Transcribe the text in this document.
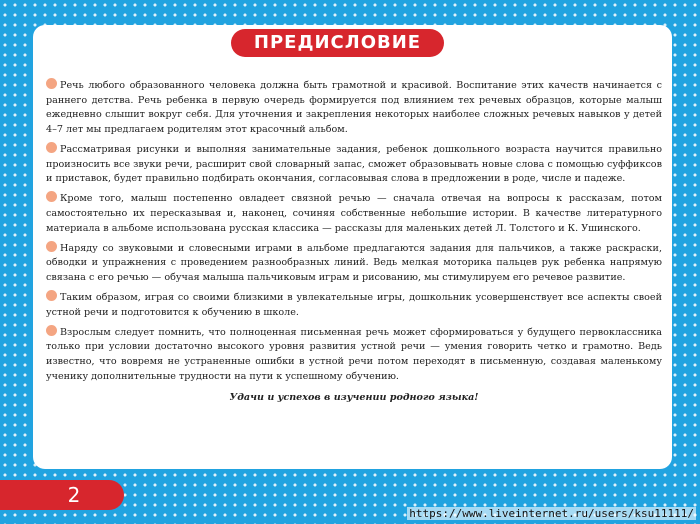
ПРЕДИСЛОВИЕ

Речь любого образованного человека должна быть грамотной и красивой. Воспитание этих качеств начинается с раннего детства. Речь ребенка в первую очередь формируется под влиянием тех речевых образцов, которые малыш ежедневно слышит вокруг себя. Для уточнения и закрепления некоторых наиболее сложных речевых навыков у детей 4–7 лет мы предлагаем родителям этот красочный альбом.

Рассматривая рисунки и выполняя занимательные задания, ребенок дошкольного возраста научится правильно произносить все звуки речи, расширит свой словарный запас, сможет образовывать новые слова с помощью суффиксов и приставок, будет правильно подбирать окончания, согласовывая слова в предложении в роде, числе и падеже.

Кроме того, малыш постепенно овладеет связной речью — сначала отвечая на вопросы к рассказам, потом самостоятельно их пересказывая и, наконец, сочиняя собственные небольшие истории. В качестве литературного материала в альбоме использована русская классика — рассказы для маленьких детей Л. Толстого и К. Ушинского.

Наряду со звуковыми и словесными играми в альбоме предлагаются задания для пальчиков, а также раскраски, обводки и упражнения с проведением разнообразных линий. Ведь мелкая моторика пальцев рук ребенка напрямую связана с его речью — обучая малыша пальчиковым играм и рисованию, мы стимулируем его речевое развитие.

Таким образом, играя со своими близкими в увлекательные игры, дошкольник усовершенствует все аспекты своей устной речи и подготовится к обучению в школе.

Взрослым следует помнить, что полноценная письменная речь может сформироваться у будущего первоклассника только при условии достаточно высокого уровня развития устной речи — умения говорить четко и грамотно. Ведь известно, что вовремя не устраненные ошибки в устной речи потом переходят в письменную, создавая маленькому ученику дополнительные трудности на пути к успешному обучению.

Удачи и успехов в изучении родного языка!
2
https://www.liveinternet.ru/users/ksu11111/
